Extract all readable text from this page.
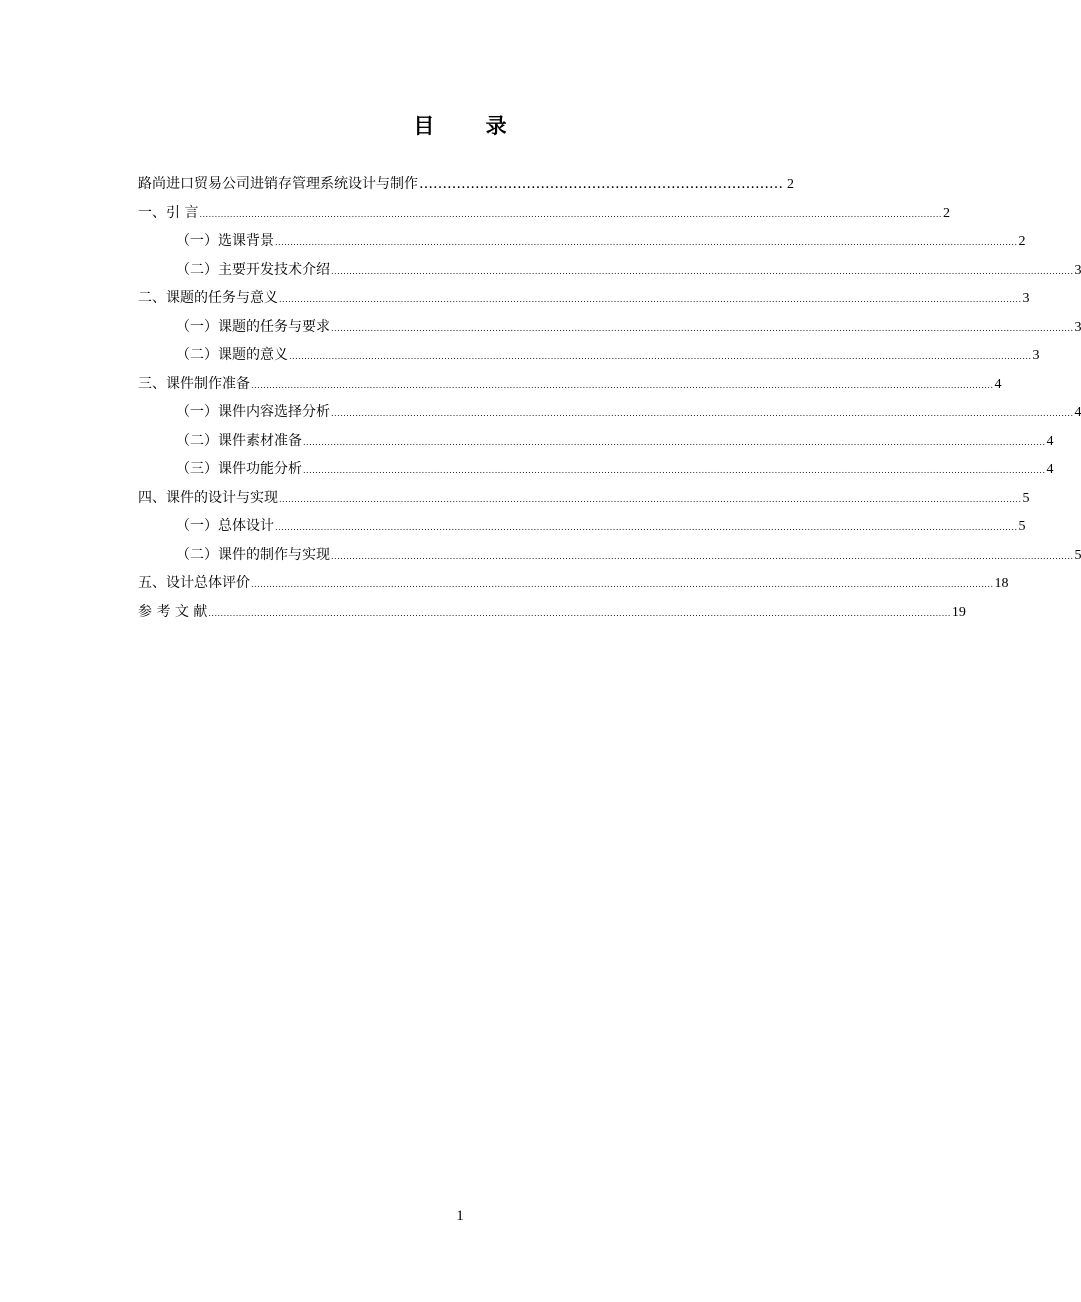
目 录
路尚进口贸易公司进销存管理系统设计与制作 …………………………………………………………………… 2
一、引 言 .................................................................................................................................................................................................................................................... 2
（一）选课背景 .................................................................................................................................................................................................................................................... 2
（二）主要开发技术介绍 .................................................................................................................................................................................................................................................... 3
二、课题的任务与意义 .................................................................................................................................................................................................................................................... 3
（一）课题的任务与要求 .................................................................................................................................................................................................................................................... 3
（二）课题的意义 .................................................................................................................................................................................................................................................... 3
三、课件制作准备 .................................................................................................................................................................................................................................................... 4
（一）课件内容选择分析 .................................................................................................................................................................................................................................................... 4
（二）课件素材准备 .................................................................................................................................................................................................................................................... 4
（三）课件功能分析 .................................................................................................................................................................................................................................................... 4
四、课件的设计与实现 .................................................................................................................................................................................................................................................... 5
（一）总体设计 .................................................................................................................................................................................................................................................... 5
（二）课件的制作与实现 .................................................................................................................................................................................................................................................... 5
五、设计总体评价 .................................................................................................................................................................................................................................................... 18
参 考 文 献 .................................................................................................................................................................................................................................................... 19
1
